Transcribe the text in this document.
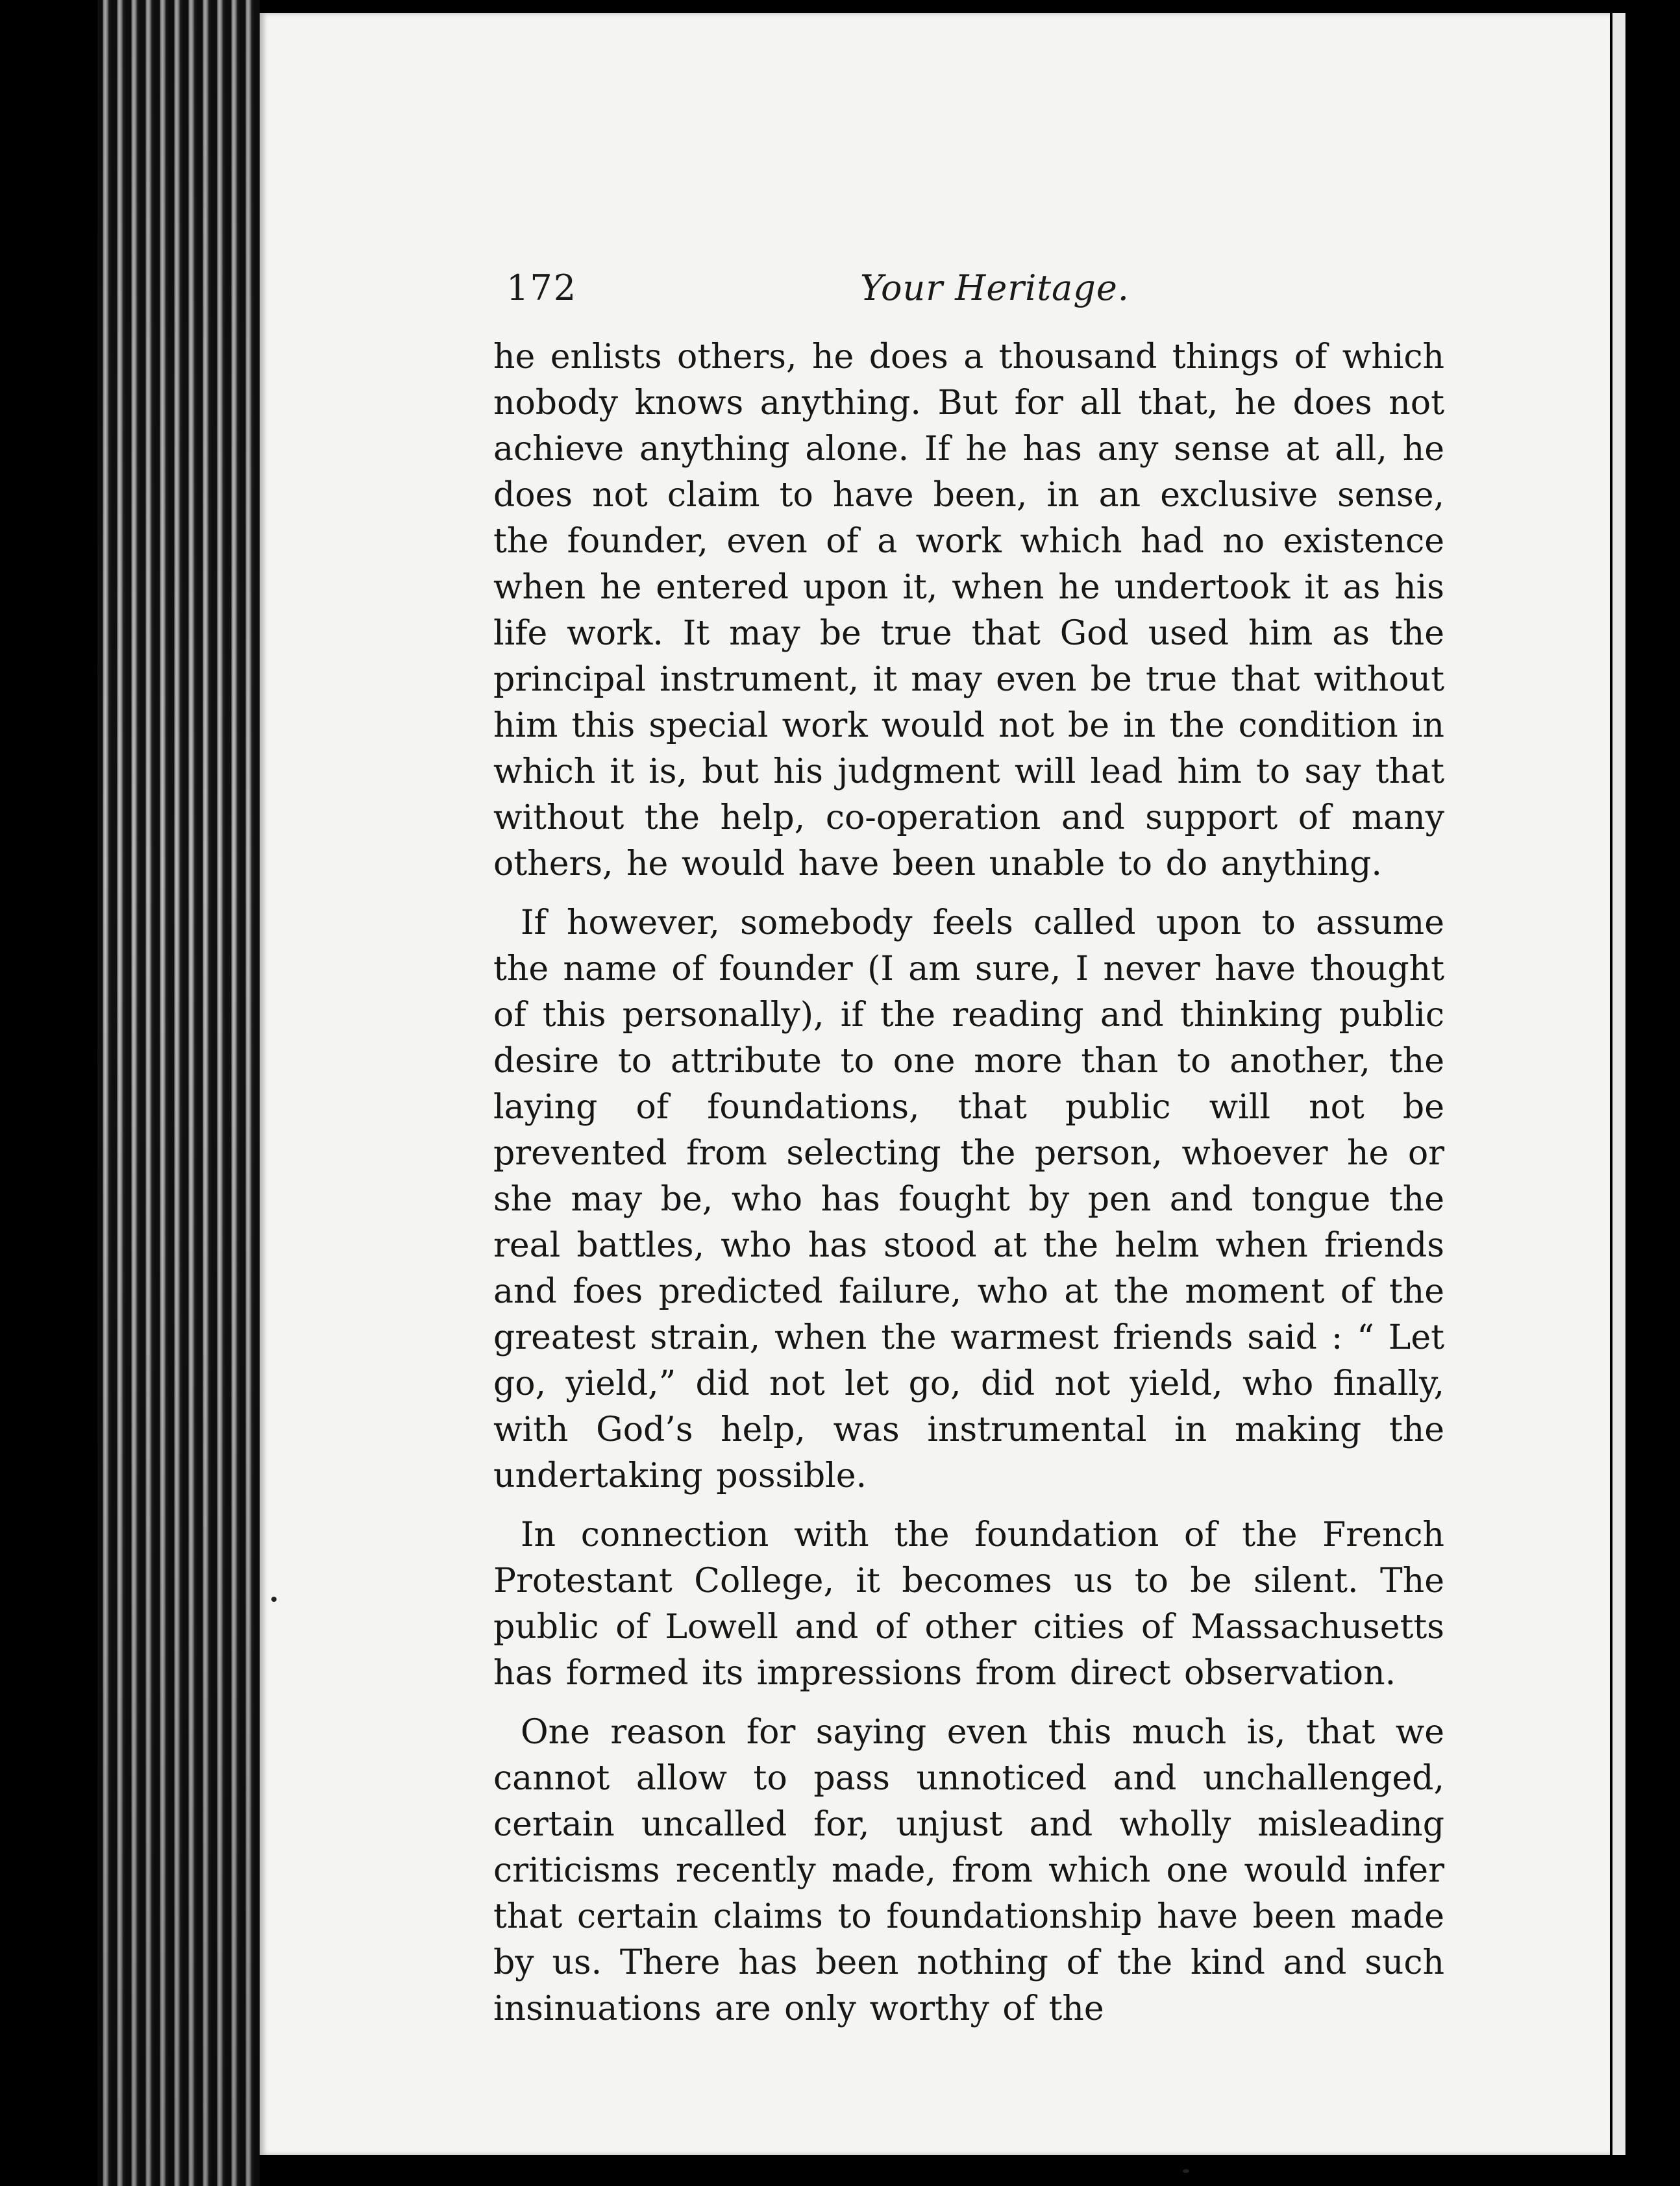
172	Your Heritage.

he enlists others, he does a thousand things of which nobody knows anything. But for all that, he does not achieve anything alone. If he has any sense at all, he does not claim to have been, in an exclusive sense, the founder, even of a work which had no existence when he entered upon it, when he undertook it as his life work. It may be true that God used him as the principal instrument, it may even be true that without him this special work would not be in the condition in which it is, but his judgment will lead him to say that without the help, co-operation and support of many others, he would have been unable to do anything.

If however, somebody feels called upon to assume the name of founder (I am sure, I never have thought of this personally), if the reading and thinking public desire to attribute to one more than to another, the laying of foundations, that public will not be prevented from selecting the person, whoever he or she may be, who has fought by pen and tongue the real battles, who has stood at the helm when friends and foes predicted failure, who at the moment of the greatest strain, when the warmest friends said : “ Let go, yield,” did not let go, did not yield, who finally, with God’s help, was instrumental in making the undertaking possible.

In connection with the foundation of the French Protestant College, it becomes us to be silent. The public of Lowell and of other cities of Massachusetts has formed its impressions from direct observation.

One reason for saying even this much is, that we cannot allow to pass unnoticed and unchallenged, certain uncalled for, unjust and wholly misleading criticisms recently made, from which one would infer that certain claims to foundationship have been made by us. There has been nothing of the kind and such insinuations are only worthy of the
